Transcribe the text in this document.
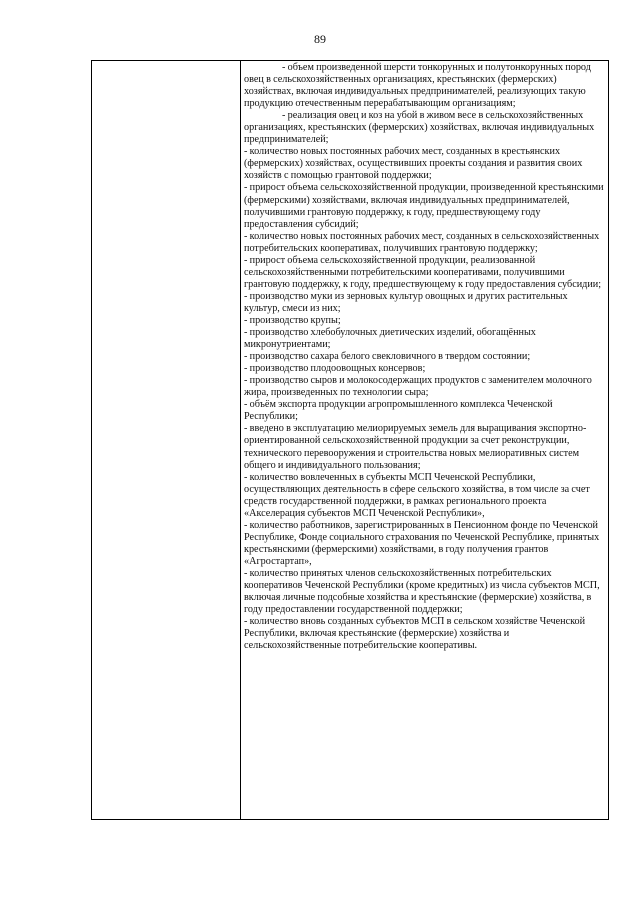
89

- объем произведенной шерсти тонкорунных и полутонкорунных пород овец в сельскохозяйственных организациях, крестьянских (фермерских) хозяйствах, включая индивидуальных предпринимателей, реализующих такую продукцию отечественным перерабатывающим организациям;

- реализация овец и коз на убой в живом весе в сельскохозяйственных организациях, крестьянских (фермерских) хозяйствах, включая индивидуальных предпринимателей;

- количество новых постоянных рабочих мест, созданных в крестьянских (фермерских) хозяйствах, осуществивших проекты создания и развития своих хозяйств с помощью грантовой поддержки;

- прирост объема сельскохозяйственной продукции, произведенной крестьянскими (фермерскими) хозяйствами, включая индивидуальных предпринимателей, получившими грантовую поддержку, к году, предшествующему году предоставления субсидий;

- количество новых постоянных рабочих мест, созданных в сельскохозяйственных потребительских кооперативах, получивших грантовую поддержку;

- прирост объема сельскохозяйственной продукции, реализованной сельскохозяйственными потребительскими кооперативами, получившими грантовую поддержку, к году, предшествующему к году предоставления субсидии;

- производство муки из зерновых культур овощных и других растительных культур, смеси из них;

- производство крупы;

- производство хлебобулочных диетических изделий, обогащённых микронутриентами;

- производство сахара белого свекловичного в твердом состоянии;

- производство плодоовощных консервов;

- производство сыров и молокосодержащих продуктов с заменителем молочного жира, произведенных по технологии сыра;

- объём экспорта продукции агропромышленного комплекса Чеченской Республики;

- введено в эксплуатацию мелиорируемых земель для выращивания экспортно-ориентированной сельскохозяйственной продукции за счет реконструкции, технического перевооружения и строительства новых мелиоративных систем общего и индивидуального пользования;

- количество вовлеченных в субъекты МСП Чеченской Республики, осуществляющих деятельность в сфере сельского хозяйства, в том числе за счет средств государственной поддержки, в рамках регионального проекта «Акселерация субъектов МСП Чеченской Республики»,

- количество работников, зарегистрированных в Пенсионном фонде по Чеченской Республике, Фонде социального страхования по Чеченской Республике, принятых крестьянскими (фермерскими) хозяйствами, в году получения грантов «Агростартап»,

- количество принятых членов сельскохозяйственных потребительских кооперативов Чеченской Республики (кроме кредитных) из числа субъектов МСП, включая личные подсобные хозяйства и крестьянские (фермерские) хозяйства, в году предоставлении государственной поддержки;

- количество вновь созданных субъектов МСП в сельском хозяйстве Чеченской Республики, включая крестьянские (фермерские) хозяйства и сельскохозяйственные потребительские кооперативы.
